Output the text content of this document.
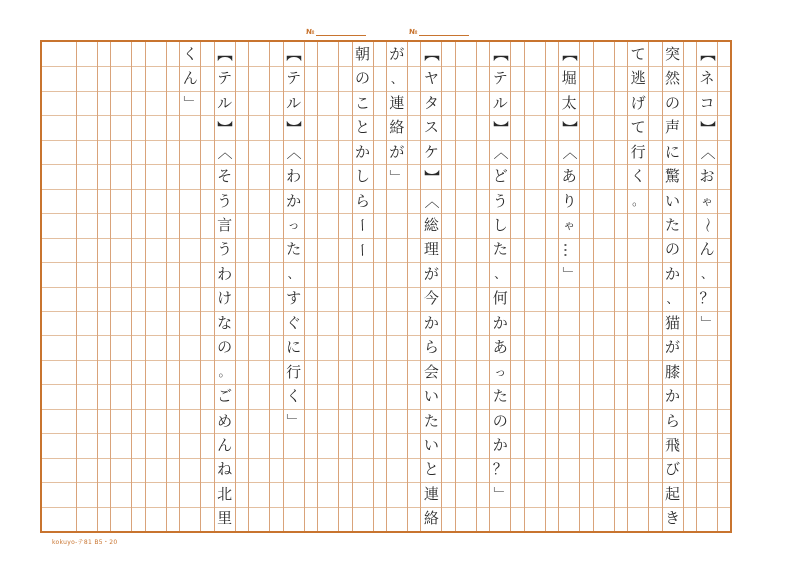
№	№
【
ネ
コ
】
〈
お
ゃ
〜
ん
、
？
」
突
然
の
声
に
驚
い
た
の
か
、
猫
が
膝
か
ら
飛
び
起
き
て
逃
げ
て
行
く
。
【
堀
太
】
〈
あ
り
ゃ
…
」
【
テ
ル
】
〈
ど
う
し
た
、
何
か
あ
っ
た
の
か
？
」
【
ヤ
タ
ス
ケ
】
〈
総
理
が
今
か
ら
会
い
た
い
と
連
絡
が
、
連
絡
が
」
朝
の
こ
と
か
し
ら
ー
ー
【
テ
ル
】
〈
わ
か
っ
た
、
す
ぐ
に
行
く
」
【
テ
ル
】
〈
そ
う
言
う
わ
け
な
の
。
ご
め
ん
ね
北
里
く
ん
」
kokuyo-テ81 B5・20
